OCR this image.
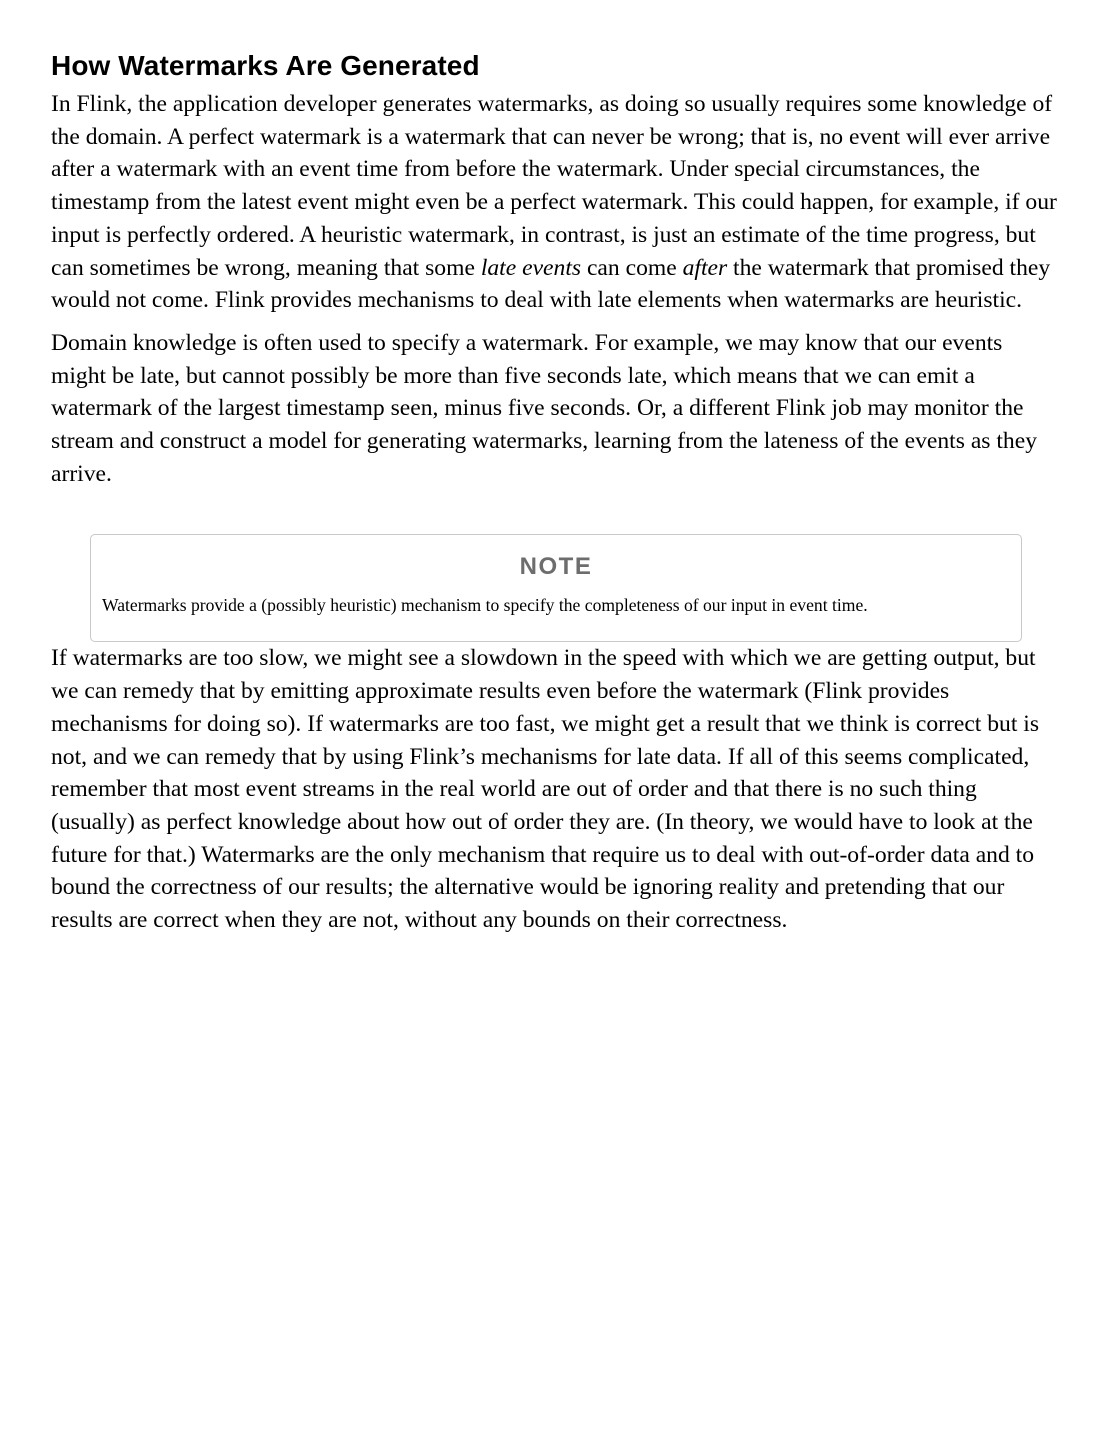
How Watermarks Are Generated

In Flink, the application developer generates watermarks, as doing so usually requires some knowledge of the domain. A perfect watermark is a watermark that can never be wrong; that is, no event will ever arrive after a watermark with an event time from before the watermark. Under special circumstances, the timestamp from the latest event might even be a perfect watermark. This could happen, for example, if our input is perfectly ordered. A heuristic watermark, in contrast, is just an estimate of the time progress, but can sometimes be wrong, meaning that some late events can come after the watermark that promised they would not come. Flink provides mechanisms to deal with late elements when watermarks are heuristic.

Domain knowledge is often used to specify a watermark. For example, we may know that our events might be late, but cannot possibly be more than five seconds late, which means that we can emit a watermark of the largest timestamp seen, minus five seconds. Or, a different Flink job may monitor the stream and construct a model for generating watermarks, learning from the lateness of the events as they arrive.

NOTE

Watermarks provide a (possibly heuristic) mechanism to specify the completeness of our input in event time.

If watermarks are too slow, we might see a slowdown in the speed with which we are getting output, but we can remedy that by emitting approximate results even before the watermark (Flink provides mechanisms for doing so). If watermarks are too fast, we might get a result that we think is correct but is not, and we can remedy that by using Flink’s mechanisms for late data. If all of this seems complicated, remember that most event streams in the real world are out of order and that there is no such thing (usually) as perfect knowledge about how out of order they are. (In theory, we would have to look at the future for that.) Watermarks are the only mechanism that require us to deal with out-of-order data and to bound the correctness of our results; the alternative would be ignoring reality and pretending that our results are correct when they are not, without any bounds on their correctness.
